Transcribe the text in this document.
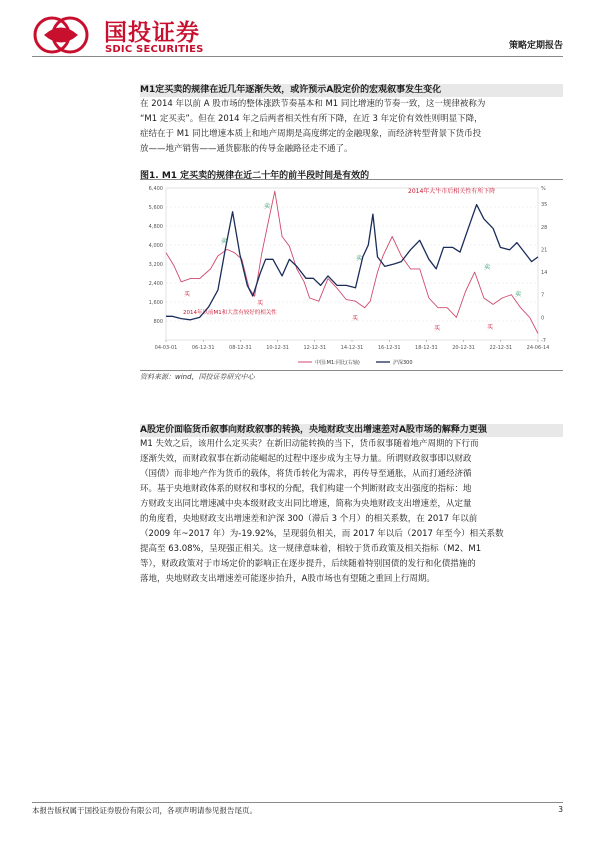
国投证券
SDIC SECURITIES	策略定期报告
M1定买卖的规律在近几年逐渐失效，或许预示A股定价的宏观叙事发生变化
在 2014 年以前 A 股市场的整体涨跌节奏基本和 M1 同比增速的节奏一致，这一规律被称为
“M1 定买卖”。但在 2014 年之后两者相关性有所下降，在近 3 年定价有效性则明显下降，
症结在于 M1 同比增速本质上和地产周期是高度绑定的金融现象，而经济转型背景下货币投
放——地产销售——通货膨胀的传导金融路径走不通了。
图1. M1 定买卖的规律在近二十年的前半段时间是有效的
800
1,600
2,400
3,200
4,000
4,800
5,600
6,400
-7
0
7
14
21
28
35
%
04-03-01	06-12-31	08-12-31	10-12-31	12-12-31	14-12-31	16-12-31	18-12-31	20-12-31	22-12-31	24-06-14
中国:M1:同比(右轴)	沪深300
2014年大牛市后相关性有所下降
2014年以前M1和大盘有较好的相关性
买
买
买
买	买
卖
卖
卖
卖
卖
资料来源：wind，国投证券研究中心
A股定价面临货币叙事向财政叙事的转换，央地财政支出增速差对A股市场的解释力更强
M1 失效之后，该用什么定买卖？在新旧动能转换的当下，货币叙事随着地产周期的下行而
逐渐失效，而财政叙事在新动能崛起的过程中逐步成为主导力量。所谓财政叙事即以财政
（国债）而非地产作为货币的载体，将货币转化为需求，再传导至通胀，从而打通经济循
环。基于央地财政体系的财权和事权的分配，我们构建一个判断财政支出强度的指标：地
方财政支出同比增速减中央本级财政支出同比增速，简称为央地财政支出增速差，从定量
的角度看，央地财政支出增速差和沪深 300（滞后 3 个月）的相关系数，在 2017 年以前
（2009 年~2017 年）为-19.92%，呈现弱负相关，而 2017 年以后（2017 年至今）相关系数
提高至 63.08%，呈现强正相关。这一规律意味着，相较于货币政策及相关指标（M2、M1
等），财政政策对于市场定价的影响正在逐步提升，后续随着特别国债的发行和化债措施的
落地，央地财政支出增速差可能逐步抬升，A股市场也有望随之重回上行周期。
本报告版权属于国投证券股份有限公司，各项声明请参见报告尾页。	3
